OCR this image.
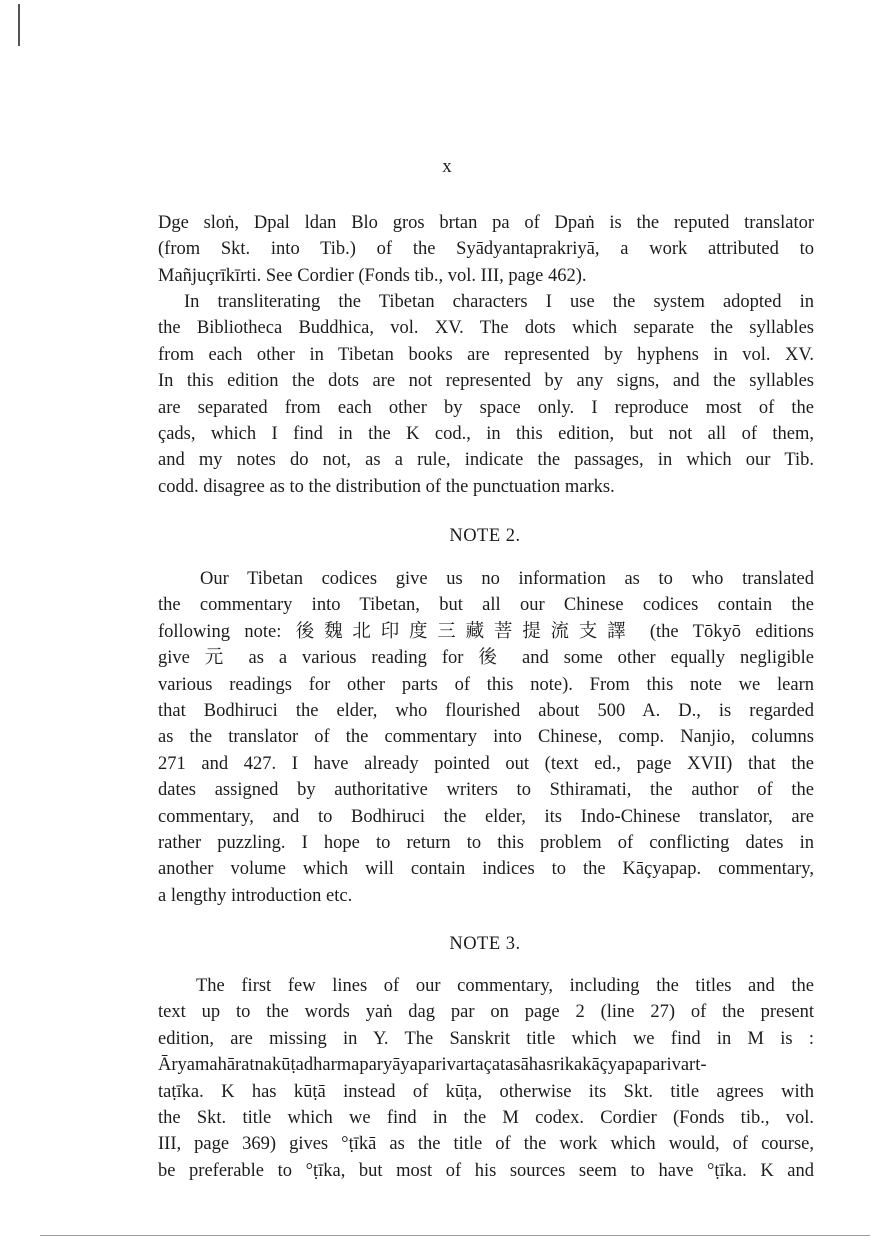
x

Dge sloṅ, Dpal ldan Blo gros brtan pa of Dpaṅ is the reputed translator
(from Skt. into Tib.) of the Syādyantaprakriyā, a work attributed to
Mañjuçrīkīrti. See Cordier (Fonds tib., vol. III, page 462).

In transliterating the Tibetan characters I use the system adopted in
the Bibliotheca Buddhica, vol. XV. The dots which separate the syllables
from each other in Tibetan books are represented by hyphens in vol. XV.
In this edition the dots are not represented by any signs, and the syllables
are separated from each other by space only. I reproduce most of the
çads, which I find in the K cod., in this edition, but not all of them,
and my notes do not, as a rule, indicate the passages, in which our Tib.
codd. disagree as to the distribution of the punctuation marks.

NOTE 2.

Our Tibetan codices give us no information as to who translated
the commentary into Tibetan, but all our Chinese codices contain the
following note: 後魏北印度三藏菩提流支譯 (the Tōkyō editions
give 元 as a various reading for 後 and some other equally negligible
various readings for other parts of this note). From this note we learn
that Bodhiruci the elder, who flourished about 500 A. D., is regarded
as the translator of the commentary into Chinese, comp. Nanjio, columns
271 and 427. I have already pointed out (text ed., page XVII) that the
dates assigned by authoritative writers to Sthiramati, the author of the
commentary, and to Bodhiruci the elder, its Indo-Chinese translator, are
rather puzzling. I hope to return to this problem of conflicting dates in
another volume which will contain indices to the Kāçyapap. commentary,
a lengthy introduction etc.

NOTE 3.

The first few lines of our commentary, including the titles and the
text up to the words yaṅ dag par on page 2 (line 27) of the present
edition, are missing in Y. The Sanskrit title which we find in M is :
Āryamahāratnakūṭadharmaparyāyaparivartaçatasāhasrikakāçyapaparivart-
taṭīka. K has kūṭā instead of kūṭa, otherwise its Skt. title agrees with
the Skt. title which we find in the M codex. Cordier (Fonds tib., vol.
III, page 369) gives °ṭīkā as the title of the work which would, of course,
be preferable to °ṭīka, but most of his sources seem to have °ṭīka. K and
